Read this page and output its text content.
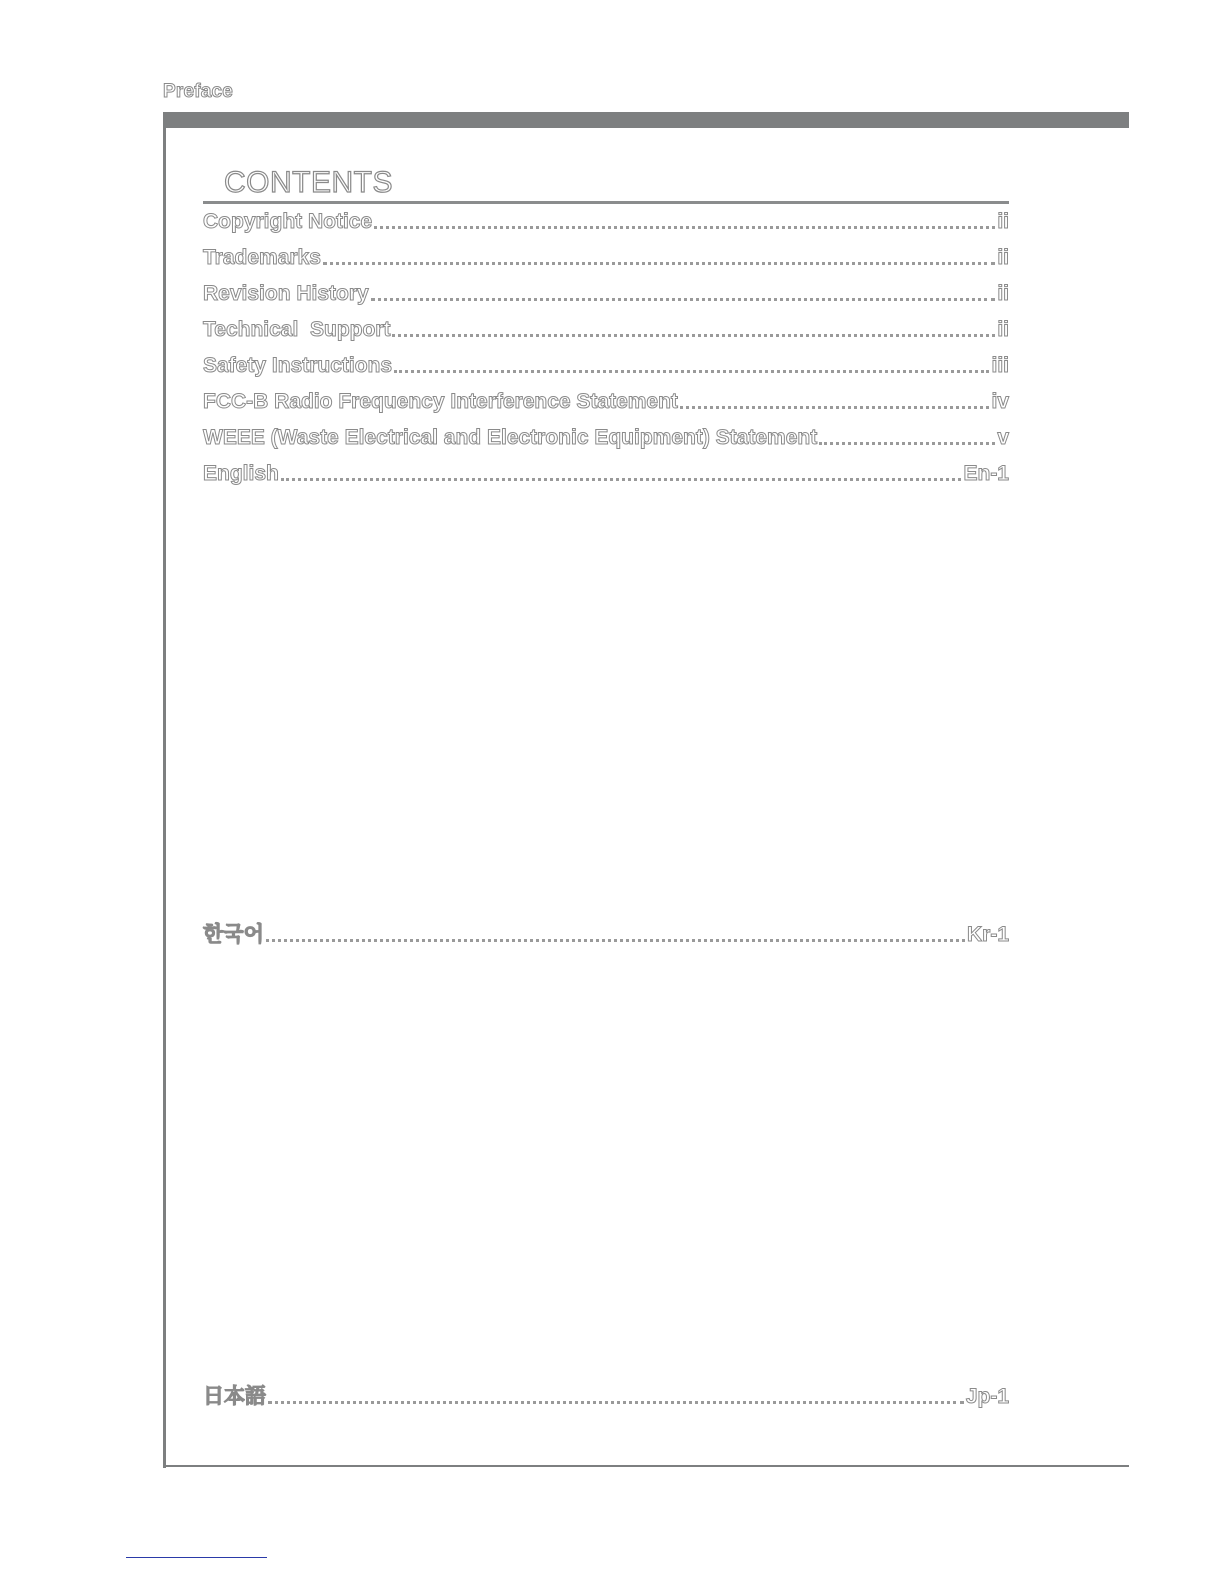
Preface
CONTENTS
Copyright Notice	ii
Trademarks	ii
Revision History	ii
Technical  Support	ii
Safety Instructions	iii
FCC-B Radio Frequency Interference Statement	iv
WEEE (Waste Electrical and Electronic Equipment) Statement	v
English	En-1
한국어	Kr-1
日本語	Jp-1
